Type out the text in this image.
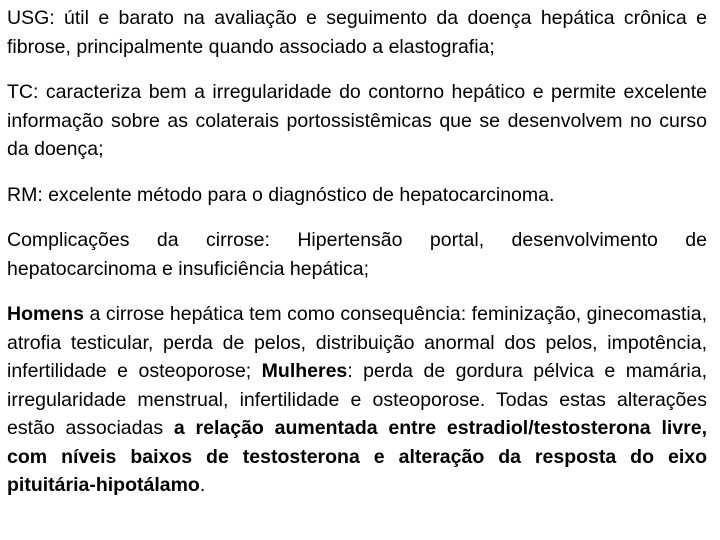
USG: útil e barato na avaliação e seguimento da doença hepática crônica e fibrose, principalmente quando associado a elastografia;

TC: caracteriza bem a irregularidade do contorno hepático e permite excelente informação sobre as colaterais portossistêmicas que se desenvolvem no curso da doença;

RM: excelente método para o diagnóstico de hepatocarcinoma.

Complicações da cirrose: Hipertensão portal, desenvolvimento de hepatocarcinoma e insuficiência hepática;

Homens a cirrose hepática tem como consequência: feminização, ginecomastia, atrofia testicular, perda de pelos, distribuição anormal dos pelos, impotência, infertilidade e osteoporose; Mulheres: perda de gordura pélvica e mamária, irregularidade menstrual, infertilidade e osteoporose. Todas estas alterações estão associadas a relação aumentada entre estradiol/testosterona livre, com níveis baixos de testosterona e alteração da resposta do eixo pituitária-hipotálamo.
